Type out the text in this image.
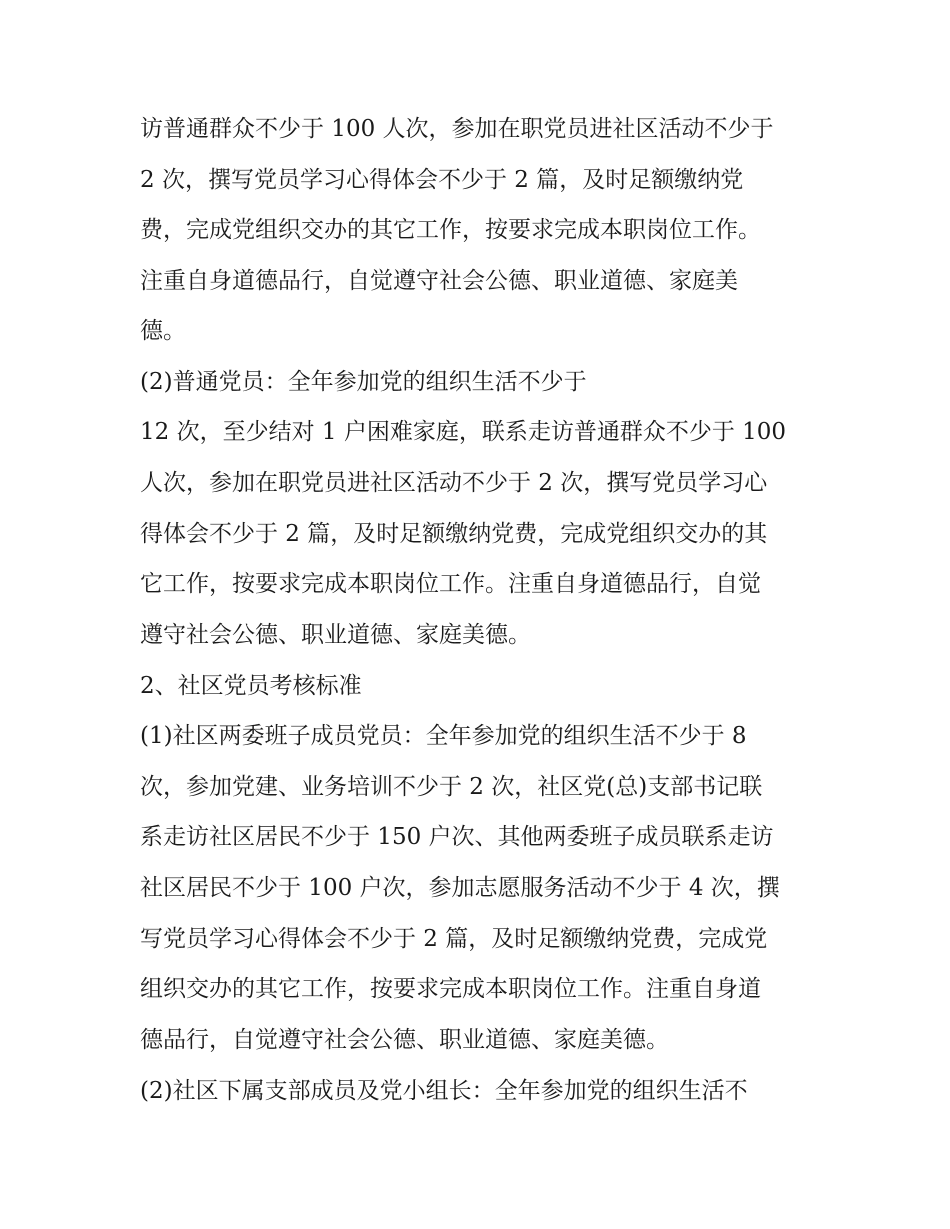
访普通群众不少于 100 人次，参加在职党员进社区活动不少于
2 次，撰写党员学习心得体会不少于 2 篇，及时足额缴纳党
费，完成党组织交办的其它工作，按要求完成本职岗位工作。
注重自身道德品行，自觉遵守社会公德、职业道德、家庭美
德。
(2)普通党员：全年参加党的组织生活不少于
12 次，至少结对 1 户困难家庭，联系走访普通群众不少于 100
人次，参加在职党员进社区活动不少于 2 次，撰写党员学习心
得体会不少于 2 篇，及时足额缴纳党费，完成党组织交办的其
它工作，按要求完成本职岗位工作。注重自身道德品行，自觉
遵守社会公德、职业道德、家庭美德。
2、社区党员考核标准
(1)社区两委班子成员党员：全年参加党的组织生活不少于 8
次，参加党建、业务培训不少于 2 次，社区党(总)支部书记联
系走访社区居民不少于 150 户次、其他两委班子成员联系走访
社区居民不少于 100 户次，参加志愿服务活动不少于 4 次，撰
写党员学习心得体会不少于 2 篇，及时足额缴纳党费，完成党
组织交办的其它工作，按要求完成本职岗位工作。注重自身道
德品行，自觉遵守社会公德、职业道德、家庭美德。
(2)社区下属支部成员及党小组长：全年参加党的组织生活不
